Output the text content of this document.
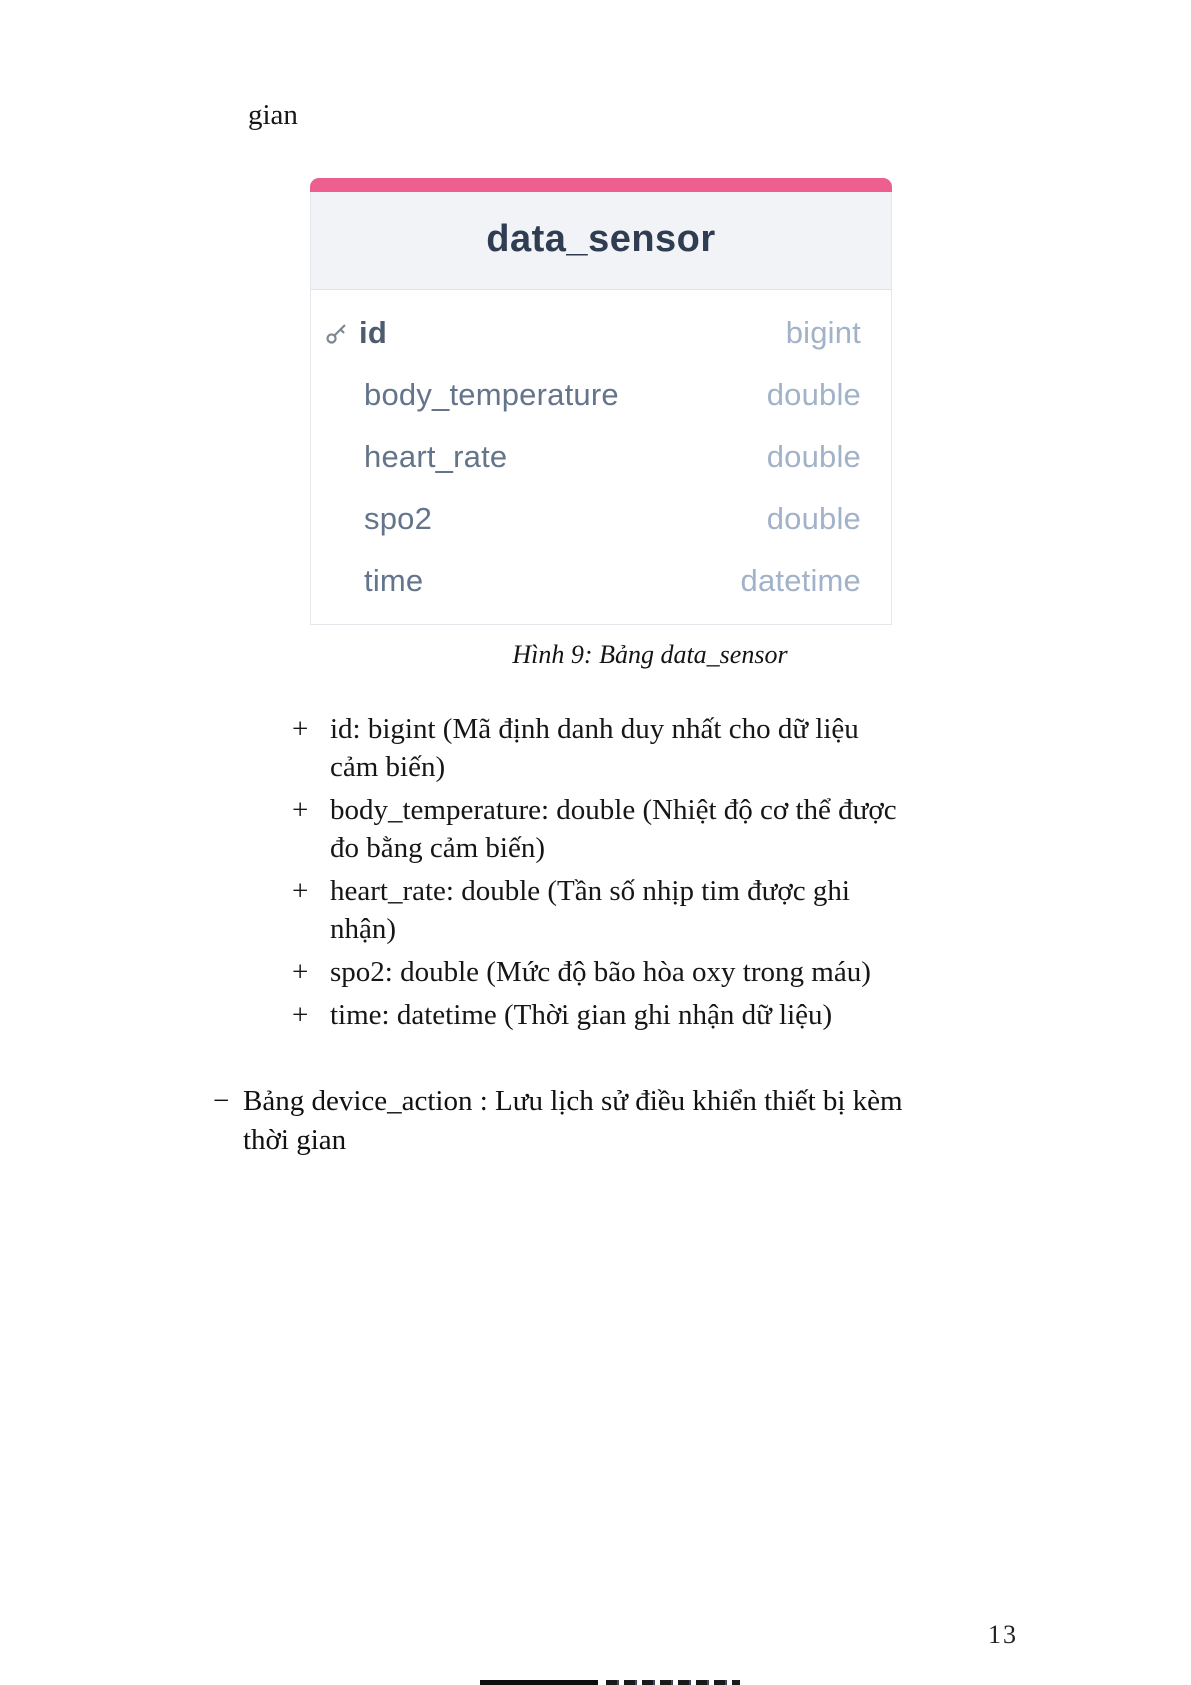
gian

data_sensor
id	bigint
body_temperature	double
heart_rate	double
spo2	double
time	datetime
Hình 9: Bảng data_sensor
+ id: bigint (Mã định danh duy nhất cho dữ liệu cảm biến)
+ body_temperature: double (Nhiệt độ cơ thể được đo bằng cảm biến)
+ heart_rate: double (Tần số nhịp tim được ghi nhận)
+ spo2: double (Mức độ bão hòa oxy trong máu)
+ time: datetime (Thời gian ghi nhận dữ liệu)
− Bảng device_action : Lưu lịch sử điều khiển thiết bị kèm thời gian
13
